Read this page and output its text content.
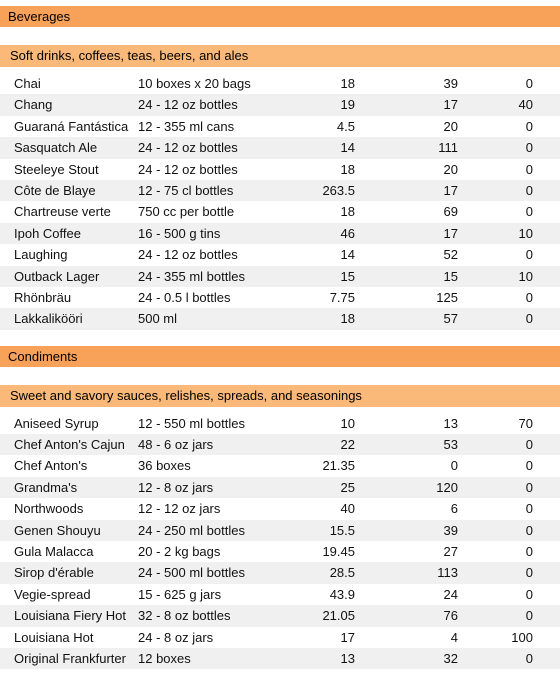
Beverages
Soft drinks, coffees, teas, beers, and ales
Chai	10 boxes x 20 bags	18	39	0
Chang	24 - 12 oz bottles	19	17	40
Guaraná Fantástica 12 - 355 ml cans	4.5	20	0
Sasquatch Ale	24 - 12 oz bottles	14	111	0
Steeleye Stout	24 - 12 oz bottles	18	20	0
Côte de Blaye	12 - 75 cl bottles	263.5	17	0
Chartreuse verte	750 cc per bottle	18	69	0
Ipoh Coffee	16 - 500 g tins	46	17	10
Laughing	24 - 12 oz bottles	14	52	0
Outback Lager	24 - 355 ml bottles	15	15	10
Rhönbräu	24 - 0.5 l bottles	7.75	125	0
Lakkalikööri	500 ml	18	57	0
Condiments
Sweet and savory sauces, relishes, spreads, and seasonings
Aniseed Syrup	12 - 550 ml bottles	10	13	70
Chef Anton's Cajun	48 - 6 oz jars	22	53	0
Chef Anton's	36 boxes	21.35	0	0
Grandma's	12 - 8 oz jars	25	120	0
Northwoods	12 - 12 oz jars	40	6	0
Genen Shouyu	24 - 250 ml bottles	15.5	39	0
Gula Malacca	20 - 2 kg bags	19.45	27	0
Sirop d'érable	24 - 500 ml bottles	28.5	113	0
Vegie-spread	15 - 625 g jars	43.9	24	0
Louisiana Fiery Hot 32 - 8 oz bottles	21.05	76	0
Louisiana Hot	24 - 8 oz jars	17	4	100
Original Frankfurter 12 boxes	13	32	0
